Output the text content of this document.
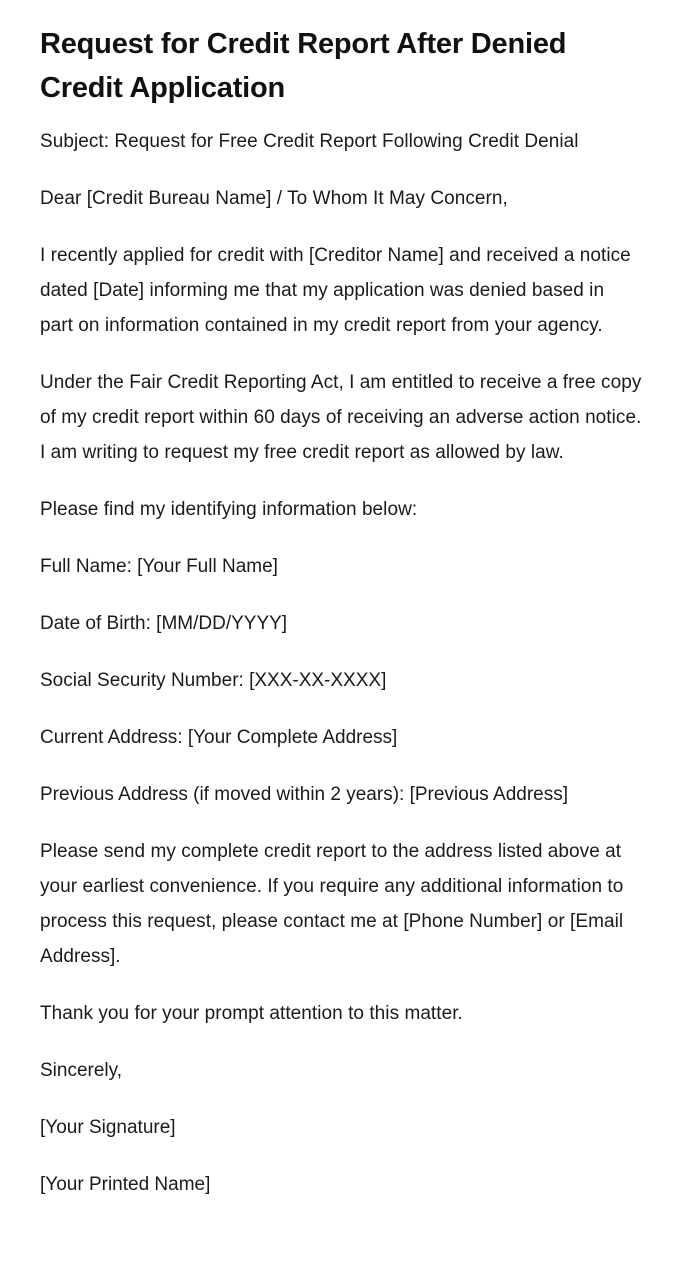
Request for Credit Report After Denied Credit Application

Subject: Request for Free Credit Report Following Credit Denial

Dear [Credit Bureau Name] / To Whom It May Concern,

I recently applied for credit with [Creditor Name] and received a notice dated [Date] informing me that my application was denied based in part on information contained in my credit report from your agency.

Under the Fair Credit Reporting Act, I am entitled to receive a free copy of my credit report within 60 days of receiving an adverse action notice. I am writing to request my free credit report as allowed by law.

Please find my identifying information below:

Full Name: [Your Full Name]

Date of Birth: [MM/DD/YYYY]

Social Security Number: [XXX-XX-XXXX]

Current Address: [Your Complete Address]

Previous Address (if moved within 2 years): [Previous Address]

Please send my complete credit report to the address listed above at your earliest convenience. If you require any additional information to process this request, please contact me at [Phone Number] or [Email Address].

Thank you for your prompt attention to this matter.

Sincerely,

[Your Signature]

[Your Printed Name]
